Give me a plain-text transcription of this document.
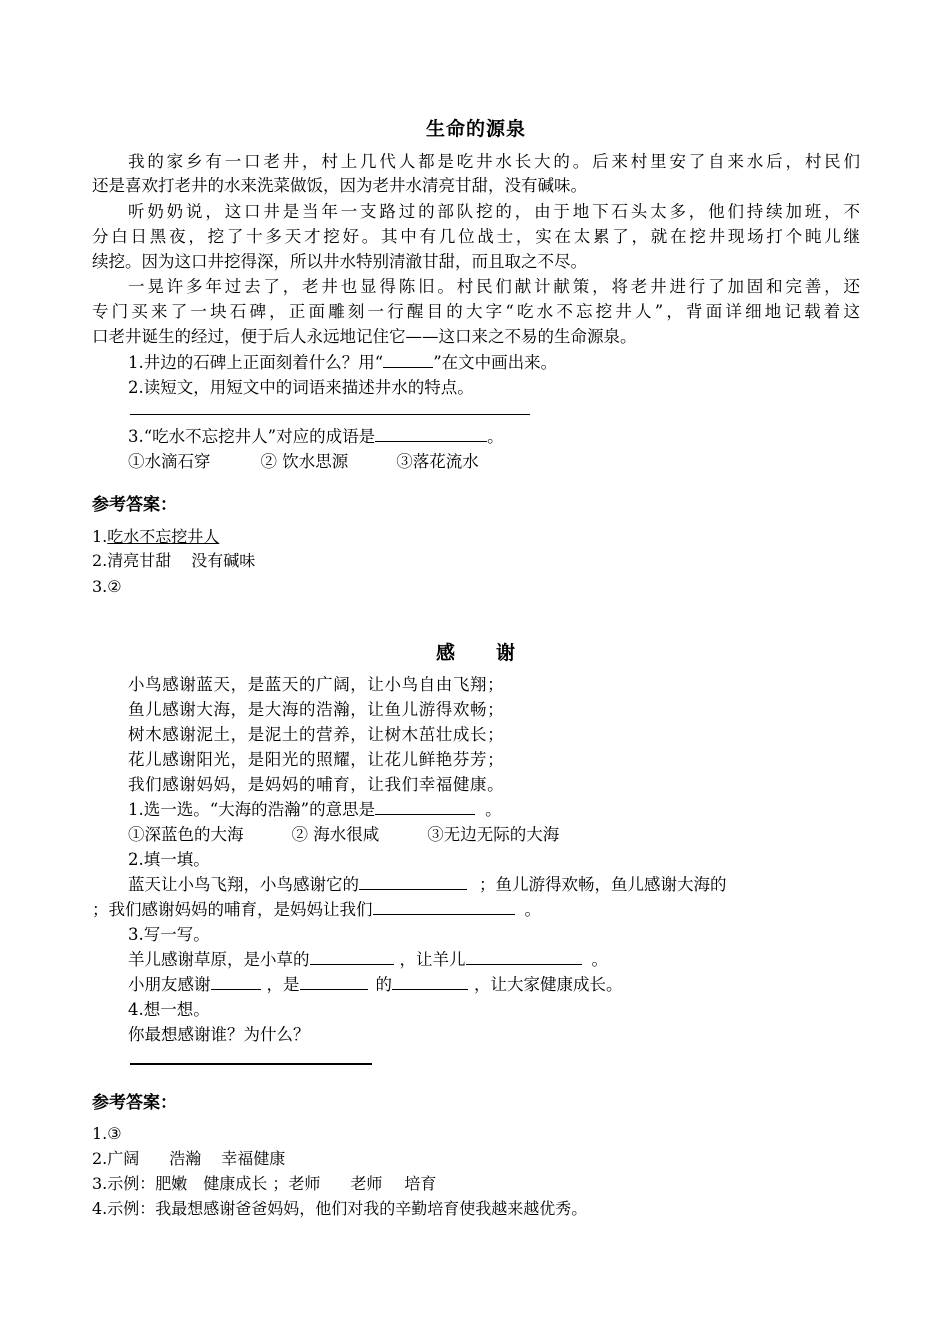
生命的源泉
我的家乡有一口老井，村上几代人都是吃井水长大的。后来村里安了自来水后，村民们
还是喜欢打老井的水来洗菜做饭，因为老井水清亮甘甜，没有碱味。
听奶奶说，这口井是当年一支路过的部队挖的，由于地下石头太多，他们持续加班，不
分白日黑夜，挖了十多天才挖好。其中有几位战士，实在太累了，就在挖井现场打个盹儿继
续挖。因为这口井挖得深，所以井水特别清澈甘甜，而且取之不尽。
一晃许多年过去了，老井也显得陈旧。村民们献计献策，将老井进行了加固和完善，还
专门买来了一块石碑，正面雕刻一行醒目的大字“吃水不忘挖井人”，背面详细地记载着这
口老井诞生的经过，便于后人永远地记住它——这口来之不易的生命源泉。
1.井边的石碑上正面刻着什么？用“	”在文中画出来。
2.读短文，用短文中的词语来描述井水的特点。
3.“吃水不忘挖井人”对应的成语是	。
①水滴石穿	② 饮水思源	③落花流水
参考答案：
1.吃水不忘挖井人
2.清亮甘甜 没有碱味
3.②
感 谢
小鸟感谢蓝天，是蓝天的广阔，让小鸟自由飞翔；
鱼儿感谢大海，是大海的浩瀚，让鱼儿游得欢畅；
树木感谢泥土，是泥土的营养，让树木茁壮成长；
花儿感谢阳光，是阳光的照耀，让花儿鲜艳芬芳；
我们感谢妈妈，是妈妈的哺育，让我们幸福健康。
1.选一选。“大海的浩瀚”的意思是	。
①深蓝色的大海	② 海水很咸	③无边无际的大海
2.填一填。
蓝天让小鸟飞翔，小鸟感谢它的	；鱼儿游得欢畅，鱼儿感谢大海的
；我们感谢妈妈的哺育，是妈妈让我们	。
3.写一写。
羊儿感谢草原，是小草的	，让羊儿	。
小朋友感谢	，是	的	，让大家健康成长。
4.想一想。
你最想感谢谁？为什么？
参考答案：
1.③
2.广阔 浩瀚 幸福健康
3.示例：肥嫩 健康成长 ；老师 老师 培育
4.示例：我最想感谢爸爸妈妈，他们对我的辛勤培育使我越来越优秀。
